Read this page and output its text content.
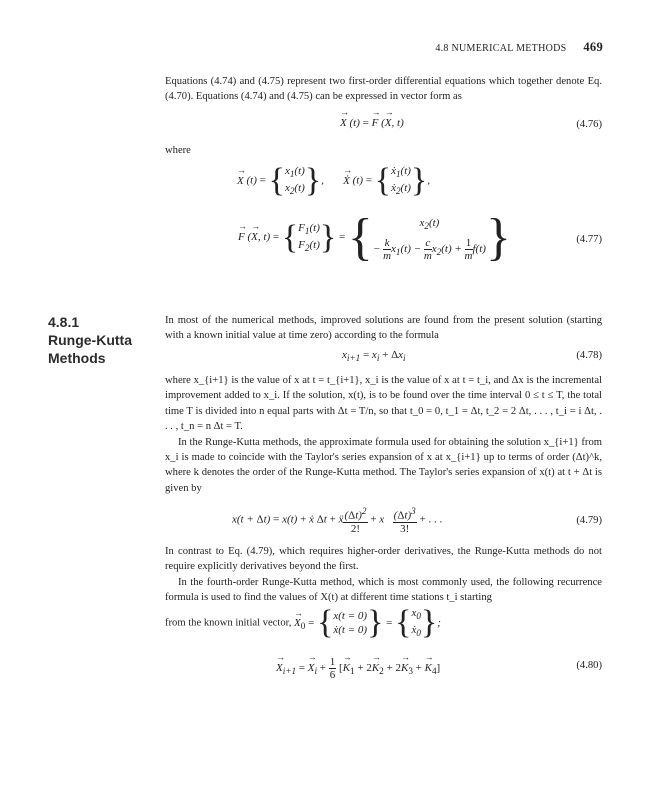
4.8 NUMERICAL METHODS 469
4.8.1
Runge-Kutta
Methods

Equations (4.74) and (4.75) represent two first-order differential equations which together denote Eq. (4.70). Equations (4.74) and (4.75) can be expressed in vector form as

→ X (t) = → F (→ X, t)	(4.76)

where

→ X $(t) = \{x_1(t)$
$x_2(t)$},       → Ẋ (t) = {ẋ$_1$(t)
ẋ$_2$(t)},
→ F (→ X, $t) = \{F_1(t)$
$F_2(t)$} = {	$x_2(t)$
− $\frac{k}{m} x_1(t) - \frac{c}{m} x_2(t) + \frac{1}{m} f(t)$}	(4.77)

In most of the numerical methods, improved solutions are found from the present solution (starting with a known initial value at time zero) according to the formula

$x_{i+1} = x_i + \Delta x_i$	(4.78)

where x_{i+1} is the value of x at t = t_{i+1}, x_i is the value of x at t = t_i, and Δx is the incremental improvement added to x_i. If the solution, x(t), is to be found over the time interval 0 ≤ t ≤ T, the total time T is divided into n equal parts with Δt = T/n, so that t_0 = 0, t_1 = Δt, t_2 = 2 Δt, . . . , t_i = i Δt, . . . , t_n = n Δt = T.

In the Runge-Kutta methods, the approximate formula used for obtaining the solution x_{i+1} from x_i is made to coincide with the Taylor's series expansion of x at x_{i+1} up to terms of order (Δt)^k, where k denotes the order of the Runge-Kutta method. The Taylor's series expansion of x(t) at t + Δt is given by

x(t + Δt) = x(t) + ẋ Δt + ẍ $\frac{(\Delta t)^2}{2!}$ + x⃛ $\frac{(\Delta t)^3}{3!}$ + . . .	(4.79)

In contrast to Eq. (4.79), which requires higher-order derivatives, the Runge-Kutta methods do not require explicitly derivatives beyond the first.

In the fourth-order Runge-Kutta method, which is most commonly used, the following recurrence formula is used to find the values of X(t) at different time stations t_i starting

from the known initial vector, → $X_0 = \{x(t = 0)$
ẋ(t = $0)\} = \{x_0$
ẋ$_0$};
→ $X_{i+1}$ = → $X_i + \frac{1}{6}$ [→ $K_1 + 2\to K_2 + 2\to K_3$ + → $K_4$]	(4.80)
